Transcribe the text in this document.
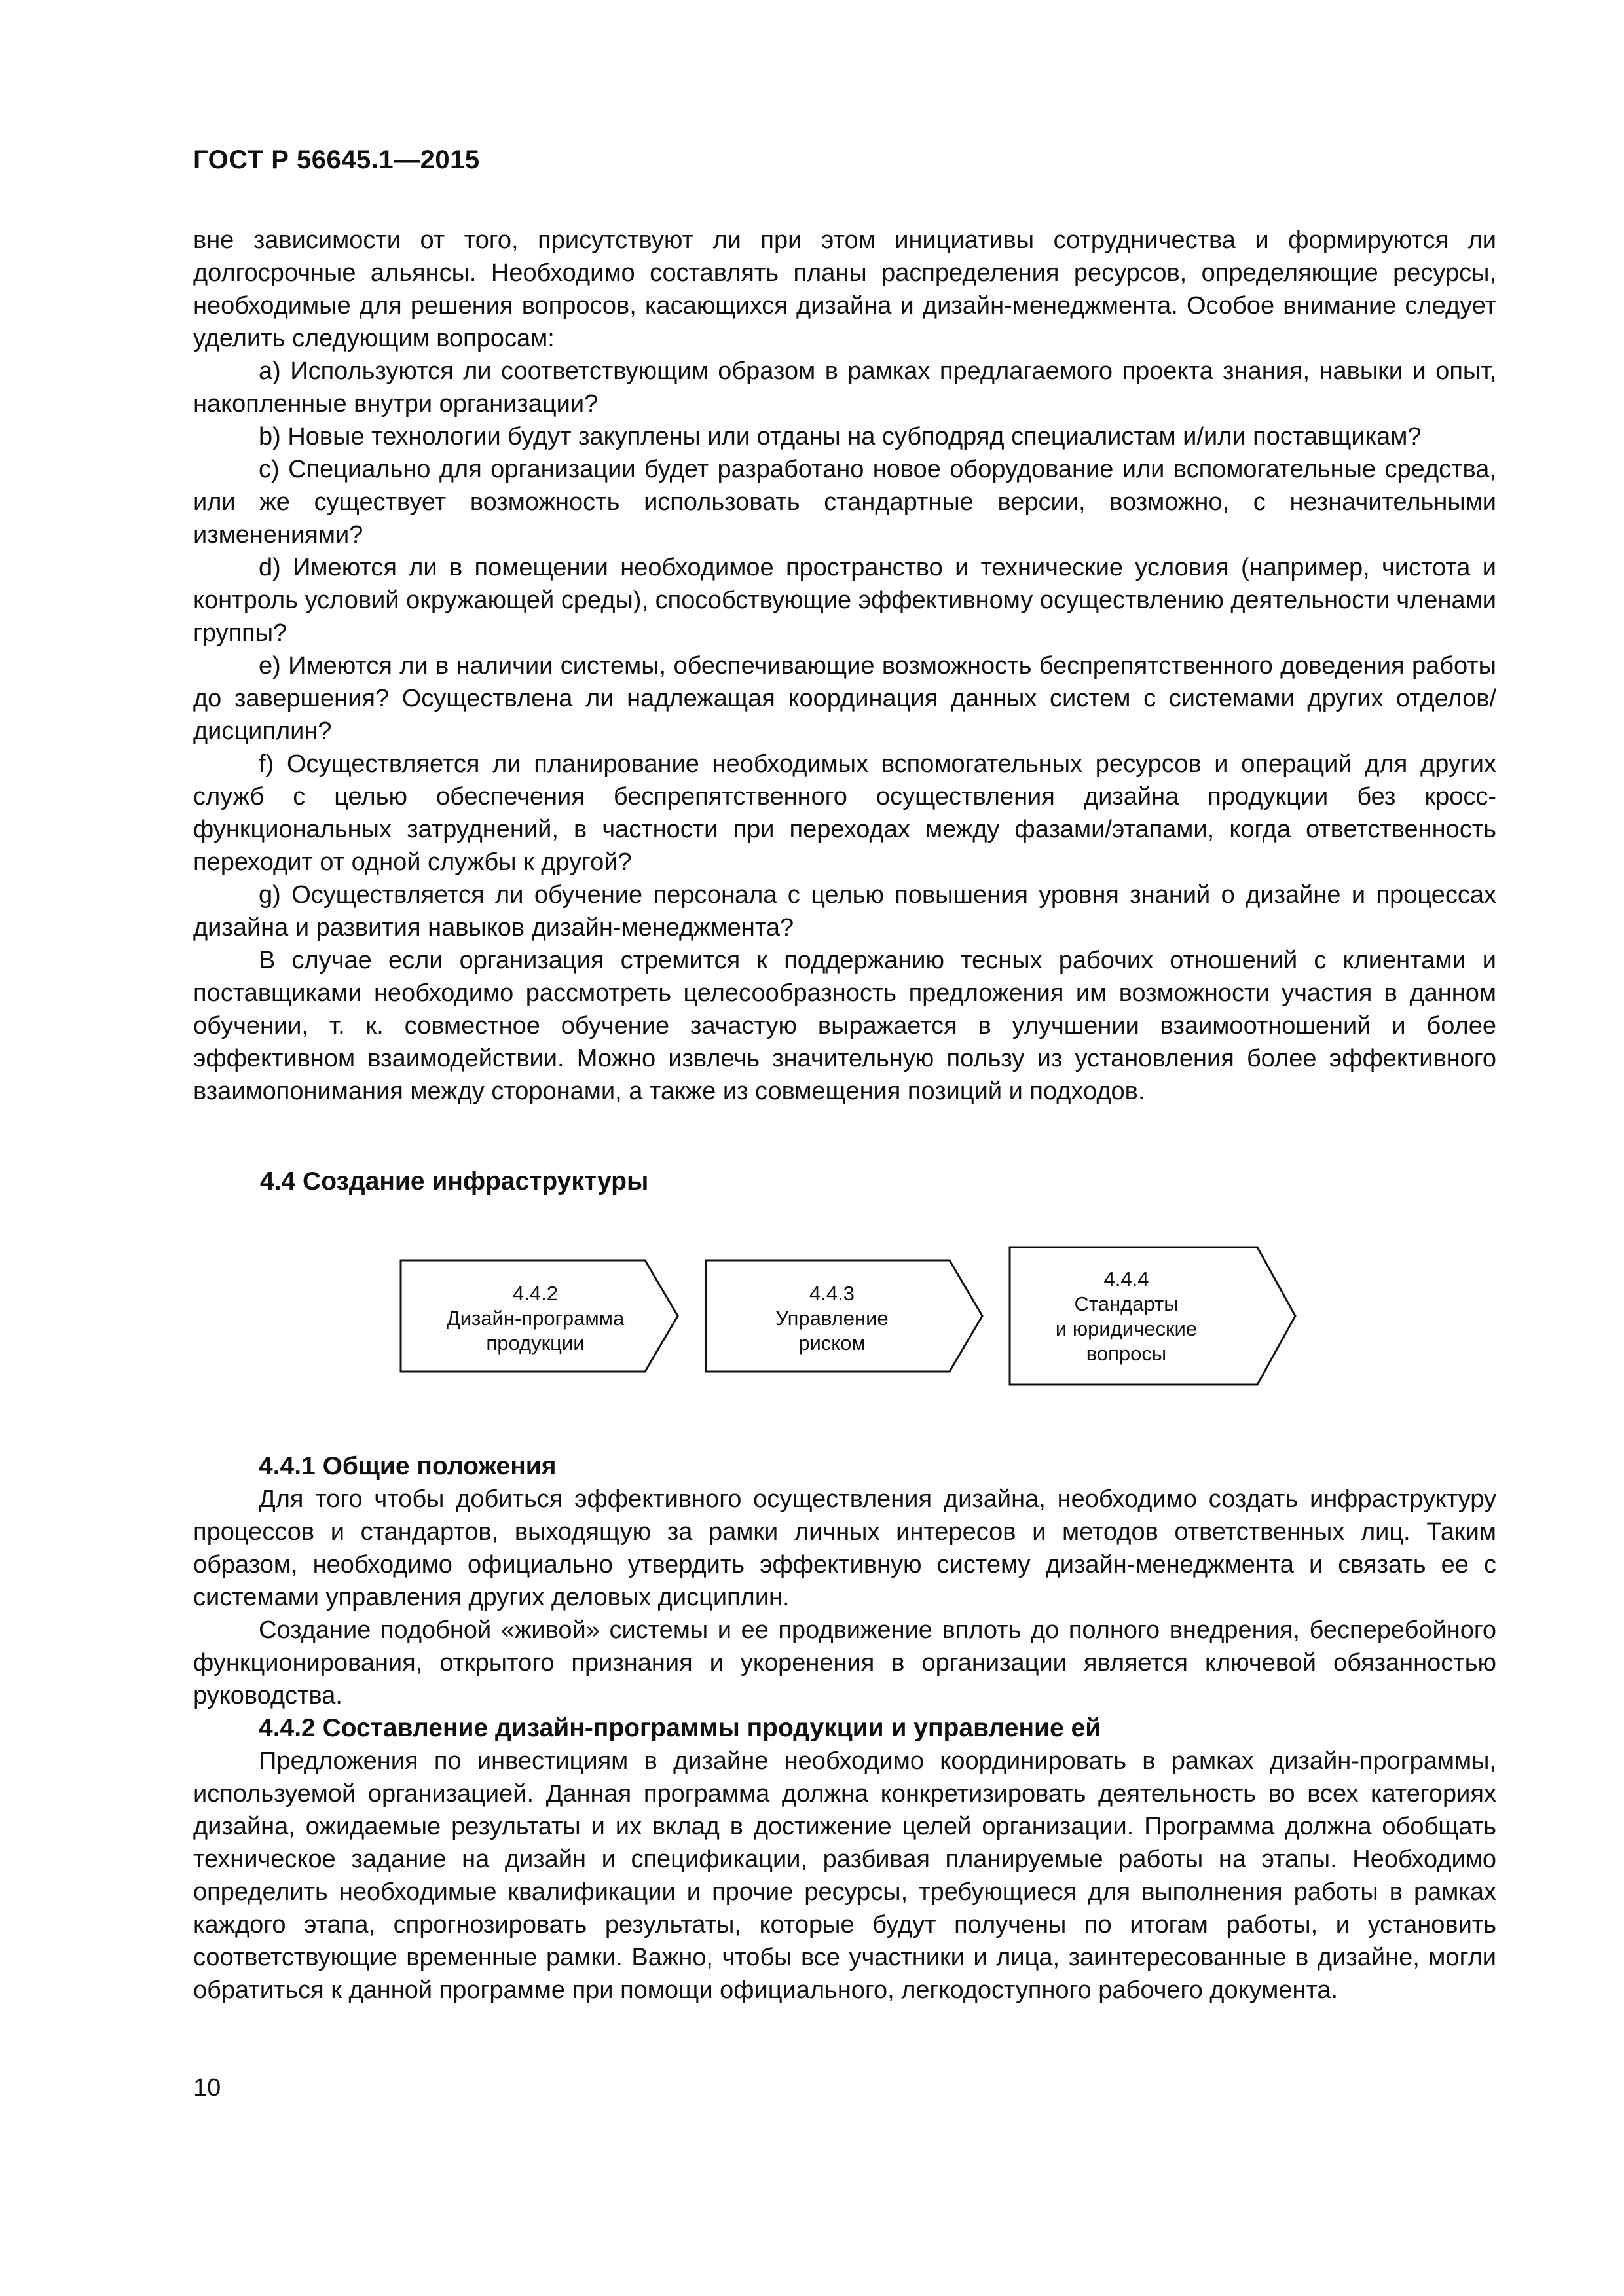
ГОСТ Р 56645.1—2015

вне зависимости от того, присутствуют ли при этом инициативы сотрудничества и формируются ли долгосрочные альянсы. Необходимо составлять планы распределения ресурсов, определяющие ресурсы, необходимые для решения вопросов, касающихся дизайна и дизайн-менеджмента. Особое внимание следует уделить следующим вопросам:

а) Используются ли соответствующим образом в рамках предлагаемого проекта знания, навыки и опыт, накопленные внутри организации?

b) Новые технологии будут закуплены или отданы на субподряд специалистам и/или поставщикам?

с) Специально для организации будет разработано новое оборудование или вспомогательные средства, или же существует возможность использовать стандартные версии, возможно, с незначительными изменениями?

d) Имеются ли в помещении необходимое пространство и технические условия (например, чистота и контроль условий окружающей среды), способствующие эффективному осуществлению деятельности членами группы?

е) Имеются ли в наличии системы, обеспечивающие возможность беспрепятственного доведения работы до завершения? Осуществлена ли надлежащая координация данных систем с системами других отделов/дисциплин?

f) Осуществляется ли планирование необходимых вспомогательных ресурсов и операций для других служб с целью обеспечения беспрепятственного осуществления дизайна продукции без кросс-функциональных затруднений, в частности при переходах между фазами/этапами, когда ответственность переходит от одной службы к другой?

g) Осуществляется ли обучение персонала с целью повышения уровня знаний о дизайне и процессах дизайна и развития навыков дизайн-менеджмента?

В случае если организация стремится к поддержанию тесных рабочих отношений с клиентами и поставщиками необходимо рассмотреть целесообразность предложения им возможности участия в данном обучении, т. к. совместное обучение зачастую выражается в улучшении взаимоотношений и более эффективном взаимодействии. Можно извлечь значительную пользу из установления более эффективного взаимопонимания между сторонами, а также из совмещения позиций и подходов.

4.4 Создание инфраструктуры
4.4.2
Дизайн-программа
продукции
4.4.3
Управление
риском
4.4.4
Стандарты
и юридические
вопросы

4.4.1 Общие положения

Для того чтобы добиться эффективного осуществления дизайна, необходимо создать инфраструктуру процессов и стандартов, выходящую за рамки личных интересов и методов ответственных лиц. Таким образом, необходимо официально утвердить эффективную систему дизайн-менеджмента и связать ее с системами управления других деловых дисциплин.

Создание подобной «живой» системы и ее продвижение вплоть до полного внедрения, бесперебойного функционирования, открытого признания и укоренения в организации является ключевой обязанностью руководства.

4.4.2 Составление дизайн-программы продукции и управление ей

Предложения по инвестициям в дизайне необходимо координировать в рамках дизайн-программы, используемой организацией. Данная программа должна конкретизировать деятельность во всех категориях дизайна, ожидаемые результаты и их вклад в достижение целей организации. Программа должна обобщать техническое задание на дизайн и спецификации, разбивая планируемые работы на этапы. Необходимо определить необходимые квалификации и прочие ресурсы, требующиеся для выполнения работы в рамках каждого этапа, спрогнозировать результаты, которые будут получены по итогам работы, и установить соответствующие временные рамки. Важно, чтобы все участники и лица, заинтересованные в дизайне, могли обратиться к данной программе при помощи официального, легкодоступного рабочего документа.

10
